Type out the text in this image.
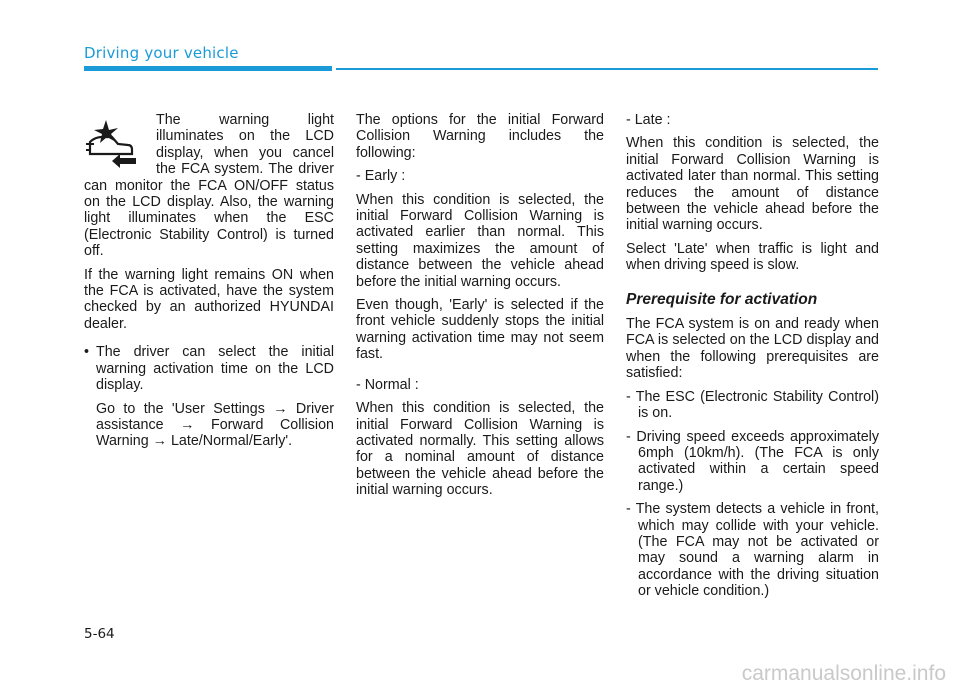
Driving your vehicle

The warning light illuminates on the LCD display, when you cancel the FCA system. The driver can monitor the FCA ON/OFF status on the LCD display. Also, the warning light illuminates when the ESC (Electronic Stability Control) is turned off.

If the warning light remains ON when the FCA is activated, have the system checked by an authorized HYUNDAI dealer.

• The driver can select the initial warning activation time on the LCD display.

Go to the 'User Settings → Driver assistance → Forward Collision Warning → Late/Normal/Early'.

The options for the initial Forward Collision Warning includes the following:

- Early :

When this condition is selected, the initial Forward Collision Warning is activated earlier than normal. This setting maximizes the amount of distance between the vehicle ahead before the initial warning occurs.

Even though, 'Early' is selected if the front vehicle suddenly stops the initial warning activation time may not seem fast.

- Normal :

When this condition is selected, the initial Forward Collision Warning is activated normally. This setting allows for a nominal amount of distance between the vehicle ahead before the initial warning occurs.

- Late :

When this condition is selected, the initial Forward Collision Warning is activated later than normal. This setting reduces the amount of distance between the vehicle ahead before the initial warning occurs.

Select 'Late' when traffic is light and when driving speed is slow.

Prerequisite for activation

The FCA system is on and ready when FCA is selected on the LCD display and when the following prerequisites are satisfied:

- The ESC (Electronic Stability Control) is on.

- Driving speed exceeds approximately 6mph (10km/h). (The FCA is only activated within a certain speed range.)

- The system detects a vehicle in front, which may collide with your vehicle. (The FCA may not be activated or may sound a warning alarm in accordance with the driving situation or vehicle condition.)

5-64
carmanualsonline.info
